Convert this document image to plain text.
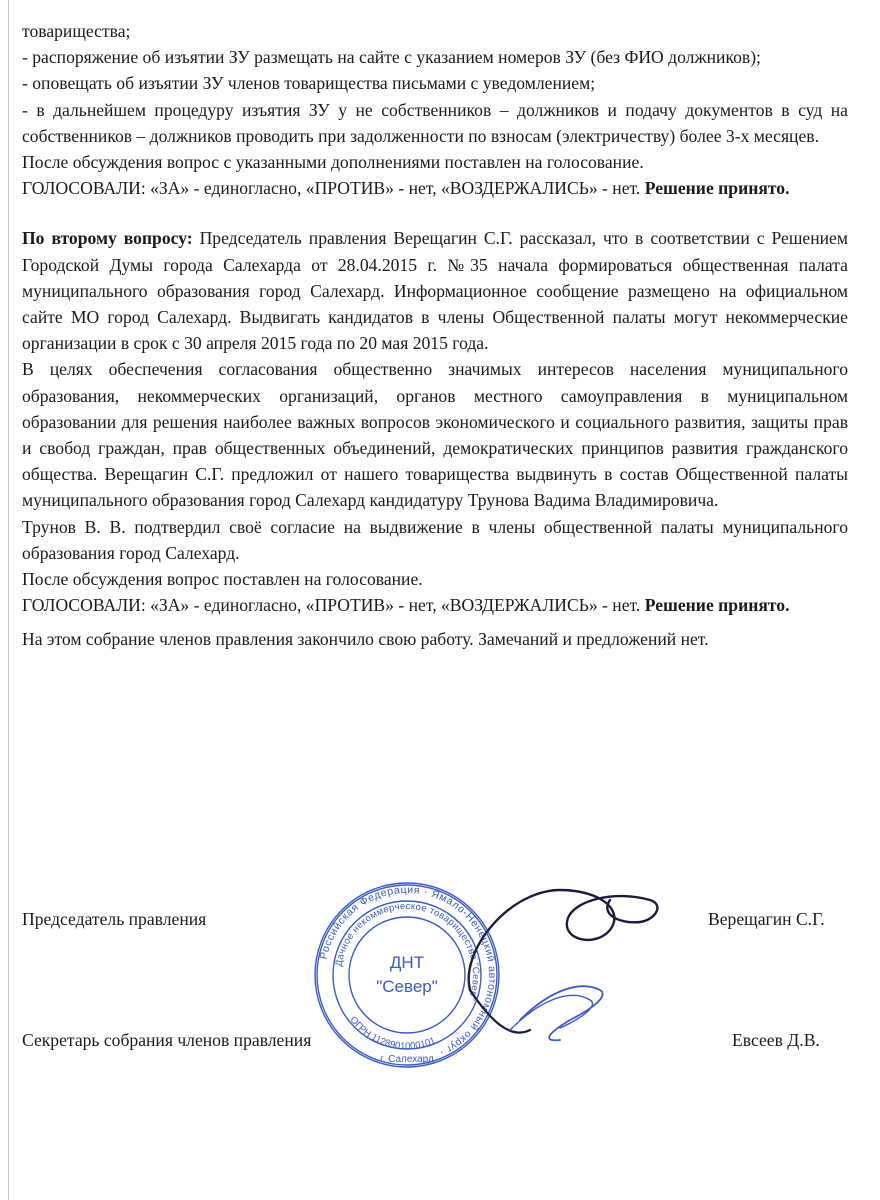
товарищества;

- распоряжение об изъятии ЗУ размещать на сайте с указанием номеров ЗУ (без ФИО должников);

- оповещать об изъятии ЗУ членов товарищества письмами с уведомлением;

- в дальнейшем процедуру изъятия ЗУ у не собственников – должников и подачу документов в суд на собственников – должников проводить при задолженности по взносам (электричеству) более 3-х месяцев.

После обсуждения вопрос с указанными дополнениями поставлен на голосование.

ГОЛОСОВАЛИ: «ЗА» - единогласно, «ПРОТИВ» - нет, «ВОЗДЕРЖАЛИСЬ» - нет. Решение принято.

По второму вопросу: Председатель правления Верещагин С.Г. рассказал, что в соответствии с Решением Городской Думы города Салехарда от 28.04.2015 г. №35 начала формироваться общественная палата муниципального образования город Салехард. Информационное сообщение размещено на официальном сайте МО город Салехард. Выдвигать кандидатов в члены Общественной палаты могут некоммерческие организации в срок с 30 апреля 2015 года по 20 мая 2015 года.

В целях обеспечения согласования общественно значимых интересов населения муниципального образования, некоммерческих организаций, органов местного самоуправления в муниципальном образовании для решения наиболее важных вопросов экономического и социального развития, защиты прав и свобод граждан, прав общественных объединений, демократических принципов развития гражданского общества. Верещагин С.Г. предложил от нашего товарищества выдвинуть в состав Общественной палаты муниципального образования город Салехард кандидатуру Трунова Вадима Владимировича.

Трунов В. В. подтвердил своё согласие на выдвижение в члены общественной палаты муниципального образования город Салехард.

После обсуждения вопрос поставлен на голосование.

ГОЛОСОВАЛИ: «ЗА» - единогласно, «ПРОТИВ» - нет, «ВОЗДЕРЖАЛИСЬ» - нет. Решение принято.

На этом собрание членов правления закончило свою работу. Замечаний и предложений нет.

Председатель правления	Верещагин С.Г.
Секретарь собрания членов правления	Евсеев Д.В.
Российская Федерация · Ямало-Ненецкий автономный округ ·
Дачное некоммерческое товарищество "Север"
ОГРН 1128901000101
г. Салехард
ДНТ
"Север"
